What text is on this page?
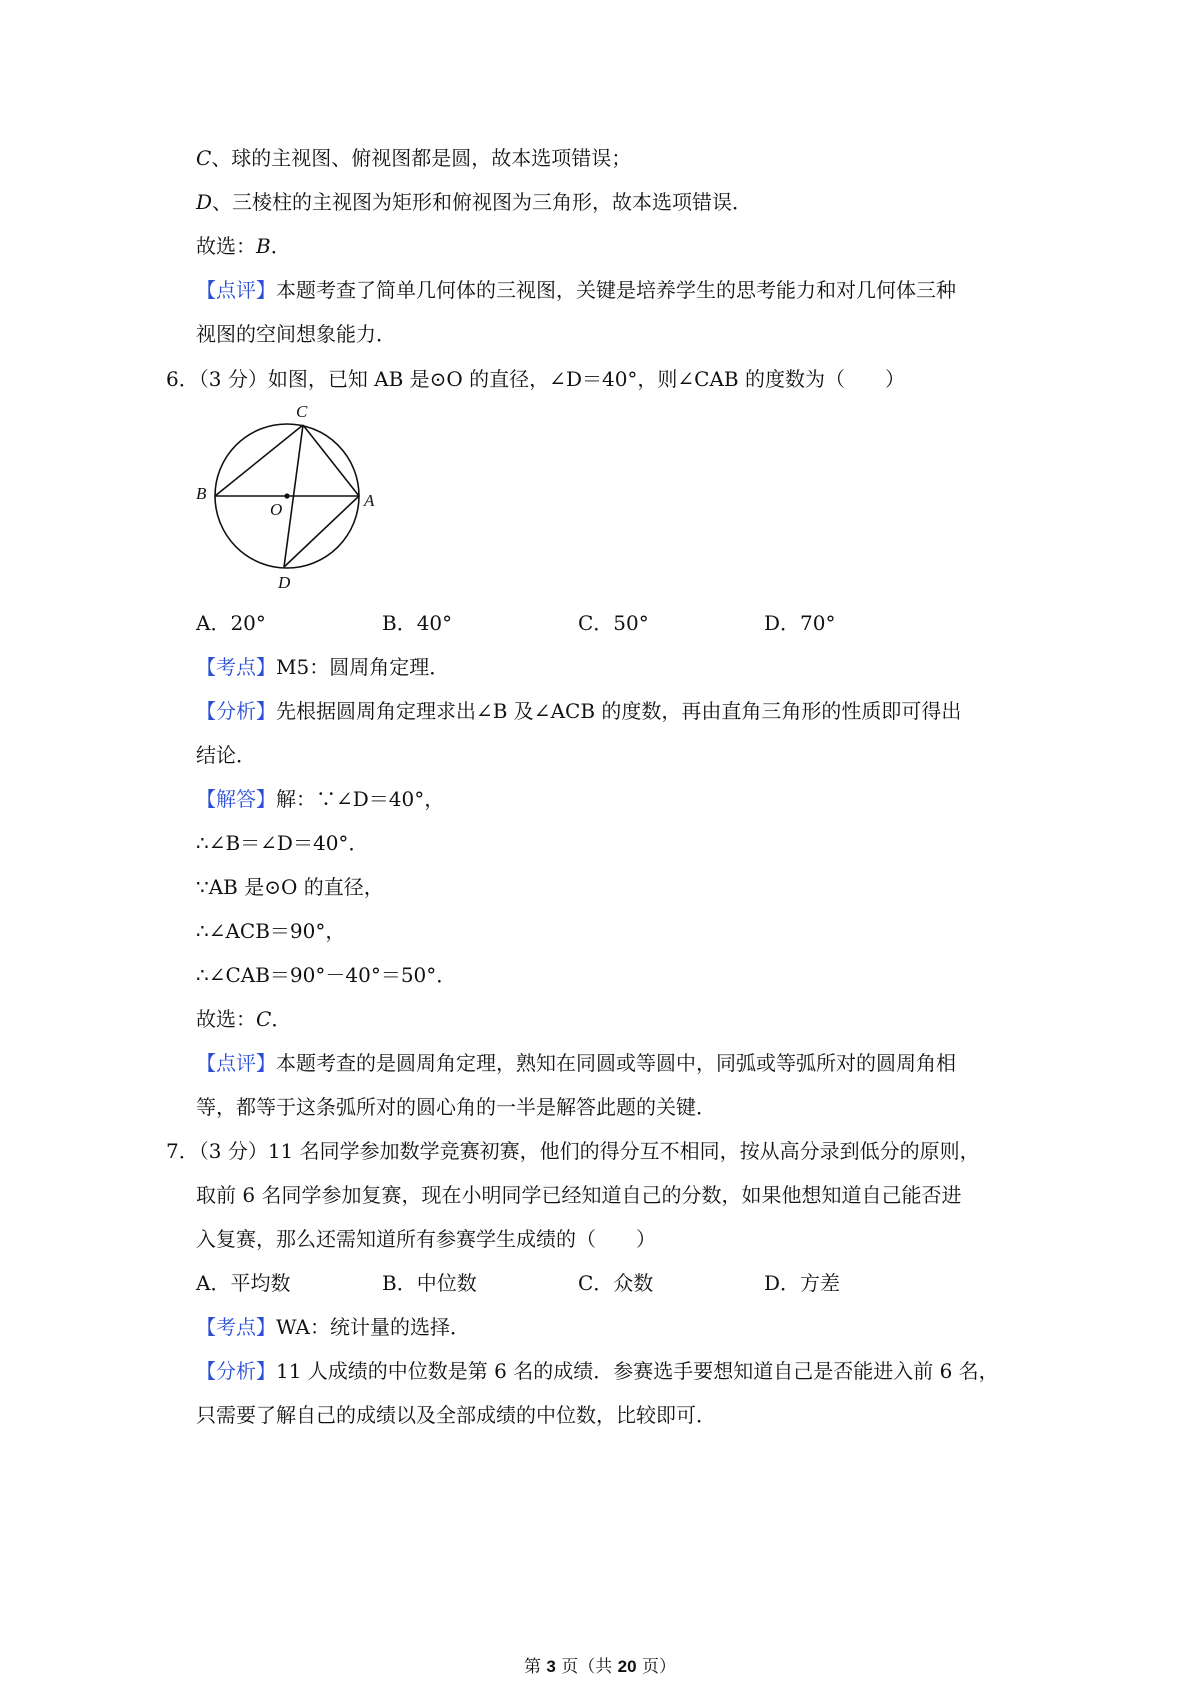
C、球的主视图、俯视图都是圆，故本选项错误；
D、三棱柱的主视图为矩形和俯视图为三角形，故本选项错误．
故选：B．
【点评】本题考查了简单几何体的三视图，关键是培养学生的思考能力和对几何体三种
视图的空间想象能力．
6．（3 分）如图，已知 AB 是⊙O 的直径，∠D＝40°，则∠CAB 的度数为（　　）
C
B
O	A
D
A．20°	B．40°	C．50°	D．70°
【考点】M5：圆周角定理．
【分析】先根据圆周角定理求出∠B 及∠ACB 的度数，再由直角三角形的性质即可得出
结论．
【解答】解：∵∠D＝40°，
∴∠B＝∠D＝40°．
∵AB 是⊙O 的直径，
∴∠ACB＝90°，
∴∠CAB＝90°－40°＝50°．
故选：C．
【点评】本题考查的是圆周角定理，熟知在同圆或等圆中，同弧或等弧所对的圆周角相
等，都等于这条弧所对的圆心角的一半是解答此题的关键．
7．（3 分）11 名同学参加数学竞赛初赛，他们的得分互不相同，按从高分录到低分的原则，
取前 6 名同学参加复赛，现在小明同学已经知道自己的分数，如果他想知道自己能否进
入复赛，那么还需知道所有参赛学生成绩的（　　）
A．平均数	B．中位数	C．众数	D．方差
【考点】WA：统计量的选择．
【分析】11 人成绩的中位数是第 6 名的成绩．参赛选手要想知道自己是否能进入前 6 名，
只需要了解自己的成绩以及全部成绩的中位数，比较即可．
第 3 页（共 20 页）
